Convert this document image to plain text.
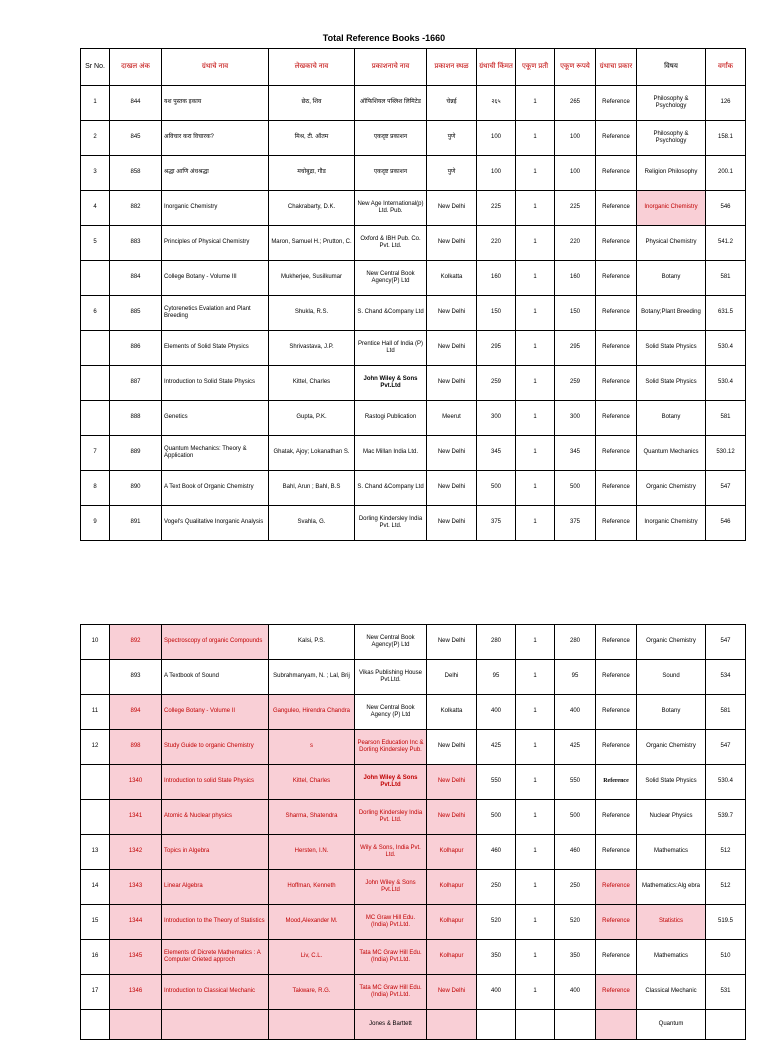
Total Reference Books -1660
Sr No.	दाखल अंक	ग्रंथाचे नाव	लेखकाचे नाव	प्रकाशनाचे नाव	प्रकाशन स्थळ	ग्रंथाची किंमत	एकूण प्रती	एकूण रूपये	ग्रंथाचा प्रकार	विषय	वर्गांक
1	844	यश पुस्तक इकाय	छेठ, शिव	ऑफिशियल पब्लिश लिमिटेड	चेन्नई	२६५	1	265	Reference	Philosophy & Psychology	126
2	845	अविचार करा विचारक?	मिश्र, टी. ऑतम	एकदृष्ट प्रकाशन	पुणे	100	1	100	Reference	Philosophy & Psychology	158.1
3	858	श्रद्धा आणि अंधश्रद्धा	मचोबुद्रा, गौड	एकदृष्ट प्रकाशन	पुणे	100	1	100	Reference	Religion Philosophy	200.1
4	882	Inorganic Chemistry	Chakrabarty, D.K.	New Age International(p) Ltd. Pub.	New Delhi	225	1	225	Reference	Inorganic Chemistry	546
5	883	Principles of Physical Chemistry	Maron, Samuel H.; Prutton, C.	Oxford & IBH Pub. Co. Pvt. Ltd.	New Delhi	220	1	220	Reference	Physical Chemistry	541.2
	884	College Botany - Volume III	Mukherjee, Susilkumar	New Central Book Agency(P) Ltd	Kolkatta	160	1	160	Reference	Botany	581
6	885	Cytorenetics Evalation and Plant Breeding	Shukla, R.S.	S. Chand &Company Ltd	New Delhi	150	1	150	Reference	Botany;Plant Breeding	631.5
	886	Elements of Solid State Physics	Shrivastava, J.P.	Prentice Hall of India (P) Ltd	New Delhi	295	1	295	Reference	Solid State Physics	530.4
	887	Introduction to Solid State Physics	Kittel, Charles	John Wiley & Sons Pvt.Ltd	New Delhi	259	1	259	Reference	Solid State Physics	530.4
	888	Genetics	Gupta, P.K.	Rastogi Publication	Meerut	300	1	300	Reference	Botany	581
7	889	Quantum Mechanics: Theory & Application	Ghatak, Ajoy; Lokanathan S.	Mac Millan India Ltd.	New Delhi	345	1	345	Reference	Quantum Mechanics	530.12
8	890	A Text Book of Organic Chemistry	Bahl, Arun ; Bahl, B.S	S. Chand &Company Ltd	New Delhi	500	1	500	Reference	Organic Chemistry	547
9	891	Vogel's Qualitative Inorganic Analysis	Svahla, G.	Dorling Kindersley India Pvt. Ltd.	New Delhi	375	1	375	Reference	Inorganic Chemistry	546
10	892	Spectroscopy of organic Compounds	Kalsi, P.S.	New Central Book Agency(P) Ltd	New Delhi	280	1	280	Reference	Organic Chemistry	547
	893	A Textbook of Sound	Subrahmanyam, N. ; Lal, Brij	Vikas Publishing House Pvt.Ltd.	Delhi	95	1	95	Reference	Sound	534
11	894	College Botany - Volume II	Ganguleo, Hirendra Chandra	New Central Book Agency (P) Ltd	Kolkatta	400	1	400	Reference	Botany	581
12	898	Study Guide to organic Chemistry	s	Pearson Education Inc & Dorling Kindersley Pub.	New Delhi	425	1	425	Reference	Organic Chemistry	547
	1340	Introduction to solid State Physics	Kittel, Charles	John Wiley & Sons Pvt.Ltd	New Delhi	550	1	550	Reference	Solid State Physics	530.4
	1341	Atomic & Nuclear physics	Sharma, Shatendra	Dorling Kindersley India Pvt. Ltd.	New Delhi	500	1	500	Reference	Nuclear Physics	539.7
13	1342	Topics in Algebra	Hersten, I.N.	Wily & Sons, India Pvt. Ltd.	Kolhapur	460	1	460	Reference	Mathematics	512
14	1343	Linear Algebra	Hoffman, Kenneth	John Wiley & Sons Pvt.Ltd	Kolhapur	250	1	250	Reference	Mathematics:Alg ebra	512
15	1344	Introduction to the Theory of Statistics	Mood,Alexander M.	MC Graw Hill Edu. (India) Pvt.Ltd.	Kolhapur	520	1	520	Reference	Statistics	519.5
16	1345	Elements of Dicrete Mathematics : A Computer Orieted approch	Liv, C.L.	Tata MC Graw Hill Edu. (India) Pvt.Ltd.	Kolhapur	350	1	350	Reference	Mathematics	510
17	1346	Introduction to Classical Mechanic	Takware, R.G.	Tata MC Graw Hill Edu. (India) Pvt.Ltd.	New Delhi	400	1	400	Reference	Classical Mechanic	531
				Jones & Barttett						Quantum	
